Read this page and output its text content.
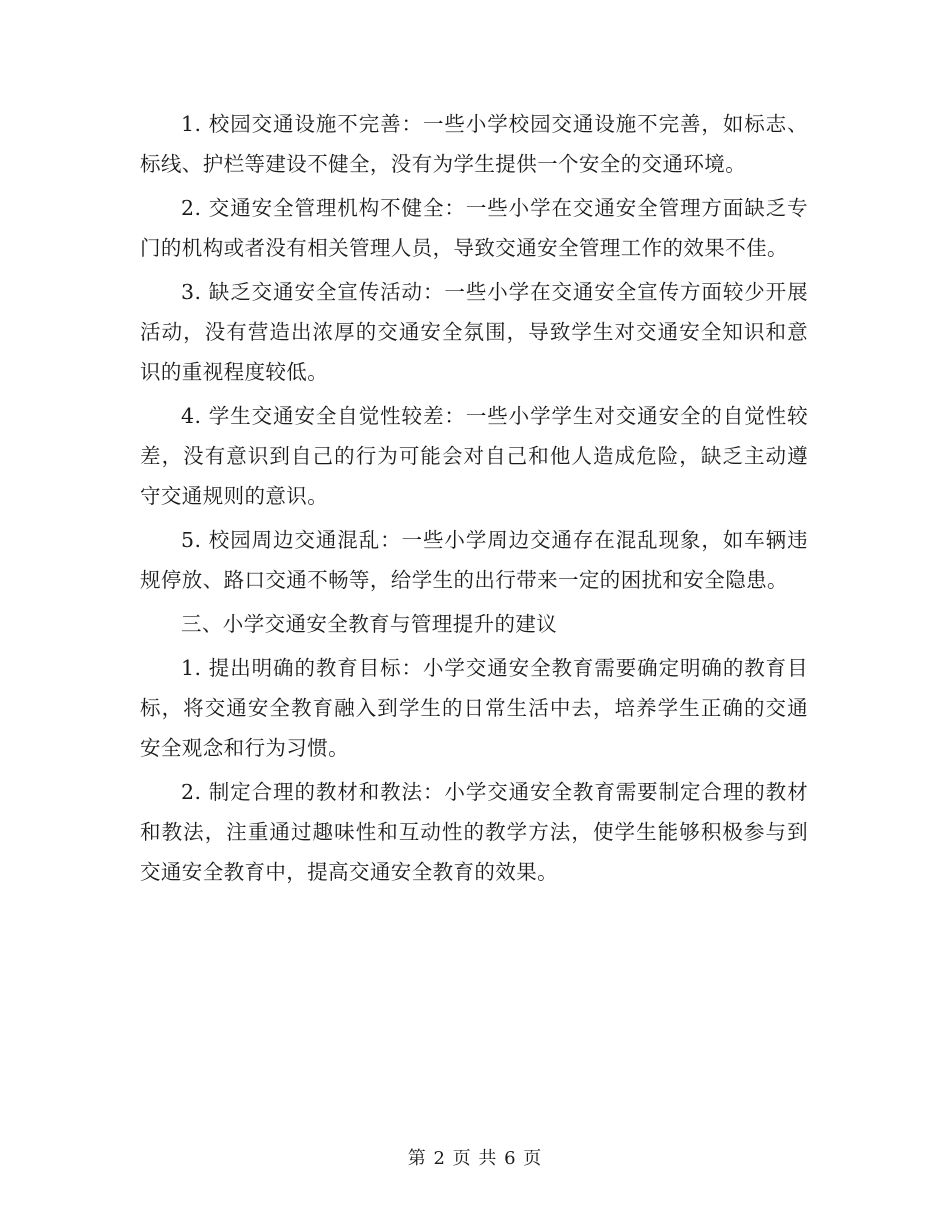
1. 校园交通设施不完善：一些小学校园交通设施不完善，如标志、标线、护栏等建设不健全，没有为学生提供一个安全的交通环境。

2. 交通安全管理机构不健全：一些小学在交通安全管理方面缺乏专门的机构或者没有相关管理人员，导致交通安全管理工作的效果不佳。

3. 缺乏交通安全宣传活动：一些小学在交通安全宣传方面较少开展活动，没有营造出浓厚的交通安全氛围，导致学生对交通安全知识和意识的重视程度较低。

4. 学生交通安全自觉性较差：一些小学学生对交通安全的自觉性较差，没有意识到自己的行为可能会对自己和他人造成危险，缺乏主动遵守交通规则的意识。

5. 校园周边交通混乱：一些小学周边交通存在混乱现象，如车辆违规停放、路口交通不畅等，给学生的出行带来一定的困扰和安全隐患。

三、小学交通安全教育与管理提升的建议

1. 提出明确的教育目标：小学交通安全教育需要确定明确的教育目标，将交通安全教育融入到学生的日常生活中去，培养学生正确的交通安全观念和行为习惯。

2. 制定合理的教材和教法：小学交通安全教育需要制定合理的教材和教法，注重通过趣味性和互动性的教学方法，使学生能够积极参与到交通安全教育中，提高交通安全教育的效果。

第 2 页 共 6 页
